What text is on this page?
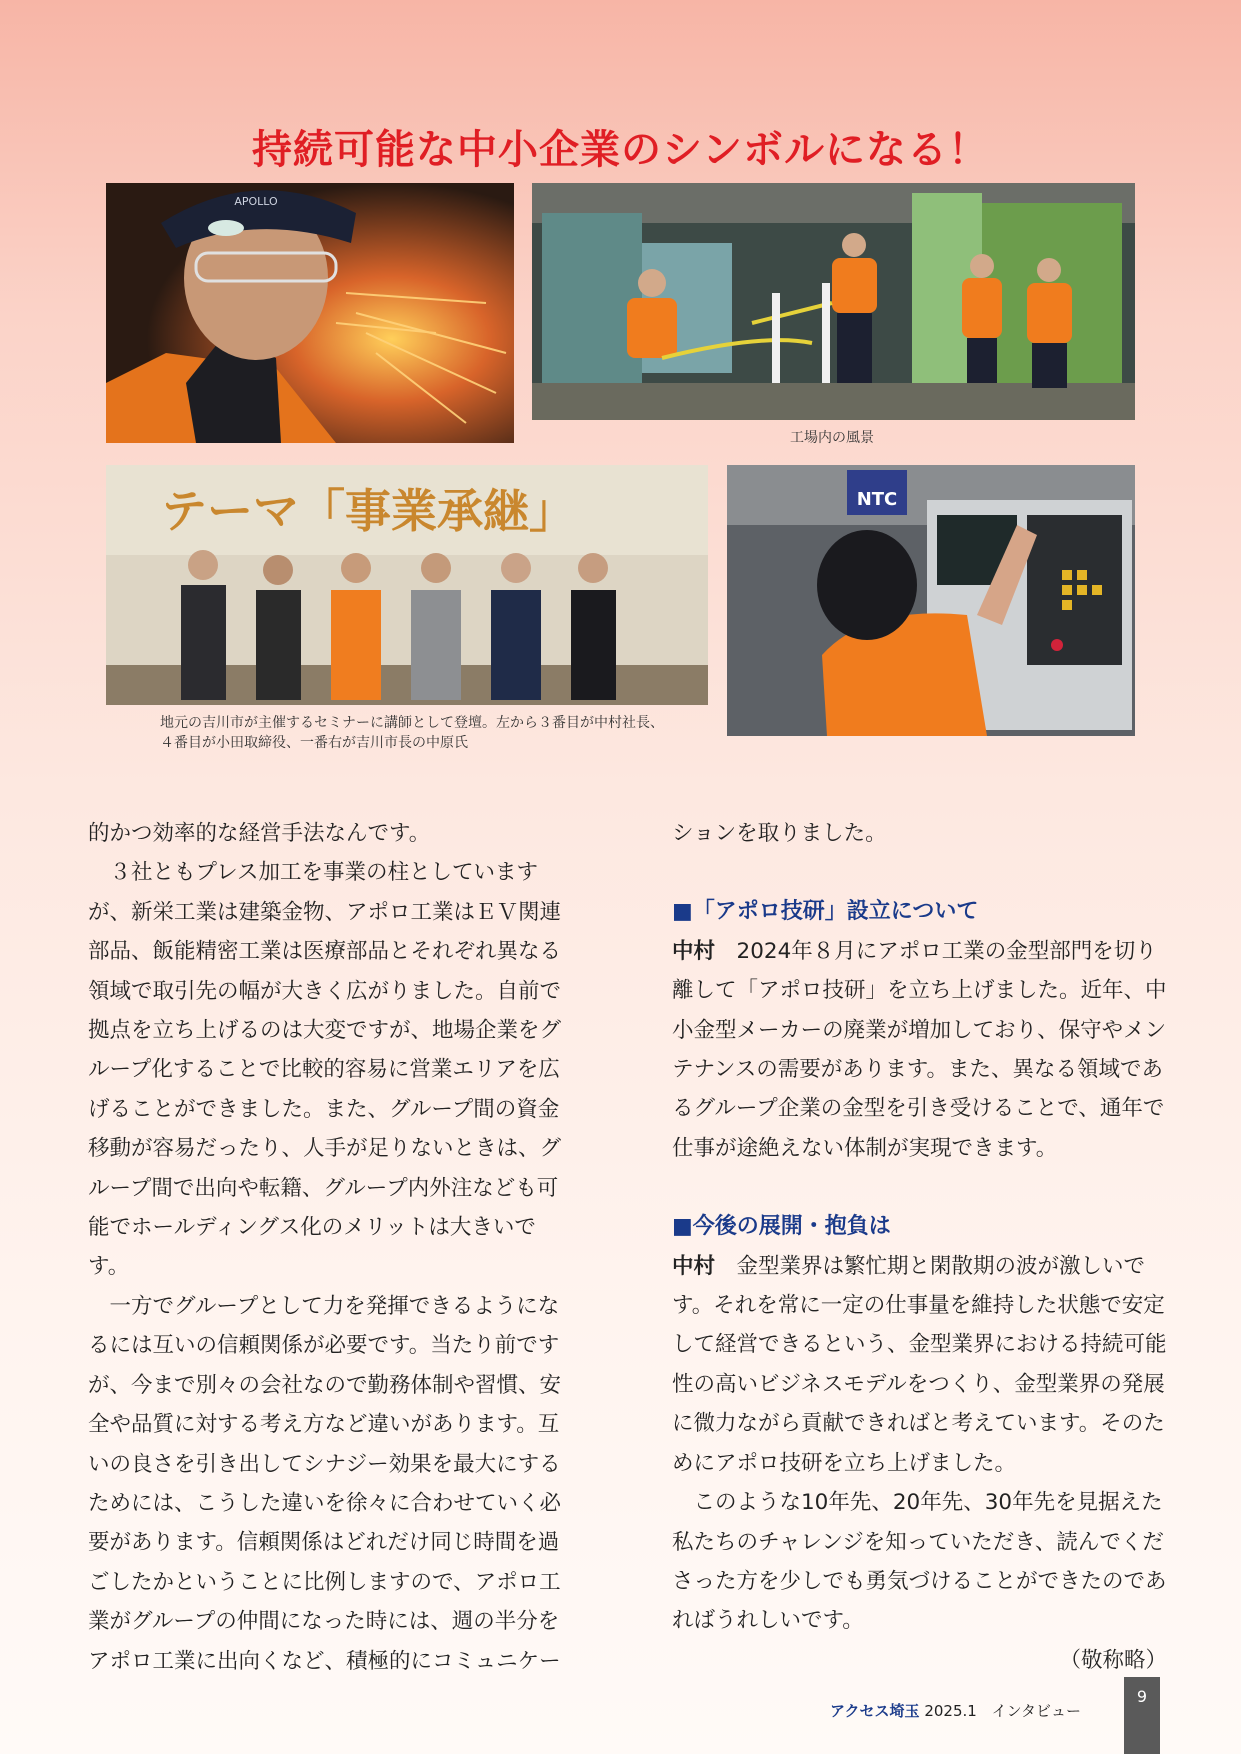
持続可能な中小企業のシンボルになる！
APOLLO
工場内の風景
テーマ「事業承継」
地元の吉川市が主催するセミナーに講師として登壇。左から３番目が中村社長、
４番目が小田取締役、一番右が吉川市長の中原氏
NTC

的かつ効率的な経営手法なんです。

３社ともプレス加工を事業の柱としていますが、新栄工業は建築金物、アポロ工業はＥＶ関連部品、飯能精密工業は医療部品とそれぞれ異なる領域で取引先の幅が大きく広がりました。自前で拠点を立ち上げるのは大変ですが、地場企業をグループ化することで比較的容易に営業エリアを広げることができました。また、グループ間の資金移動が容易だったり、人手が足りないときは、グループ間で出向や転籍、グループ内外注なども可能でホールディングス化のメリットは大きいです。

一方でグループとして力を発揮できるようになるには互いの信頼関係が必要です。当たり前ですが、今まで別々の会社なので勤務体制や習慣、安全や品質に対する考え方など違いがあります。互いの良さを引き出してシナジー効果を最大にするためには、こうした違いを徐々に合わせていく必要があります。信頼関係はどれだけ同じ時間を過ごしたかということに比例しますので、アポロ工業がグループの仲間になった時には、週の半分をアポロ工業に出向くなど、積極的にコミュニケー

ションを取りました。

■「アポロ技研」設立について

中村　 2024年８月にアポロ工業の金型部門を切り離して「アポロ技研」を立ち上げました。近年、中小金型メーカーの廃業が増加しており、保守やメンテナンスの需要があります。また、異なる領域であるグループ企業の金型を引き受けることで、通年で仕事が途絶えない体制が実現できます。

■今後の展開・抱負は

中村　 金型業界は繁忙期と閑散期の波が激しいです。それを常に一定の仕事量を維持した状態で安定して経営できるという、金型業界における持続可能性の高いビジネスモデルをつくり、金型業界の発展に微力ながら貢献できればと考えています。そのためにアポロ技研を立ち上げました。

このような10年先、20年先、30年先を見据えた私たちのチャレンジを知っていただき、読んでくださった方を少しでも勇気づけることができたのであればうれしいです。

（敬称略）

アクセス埼玉 2025.1 インタビュー
9
